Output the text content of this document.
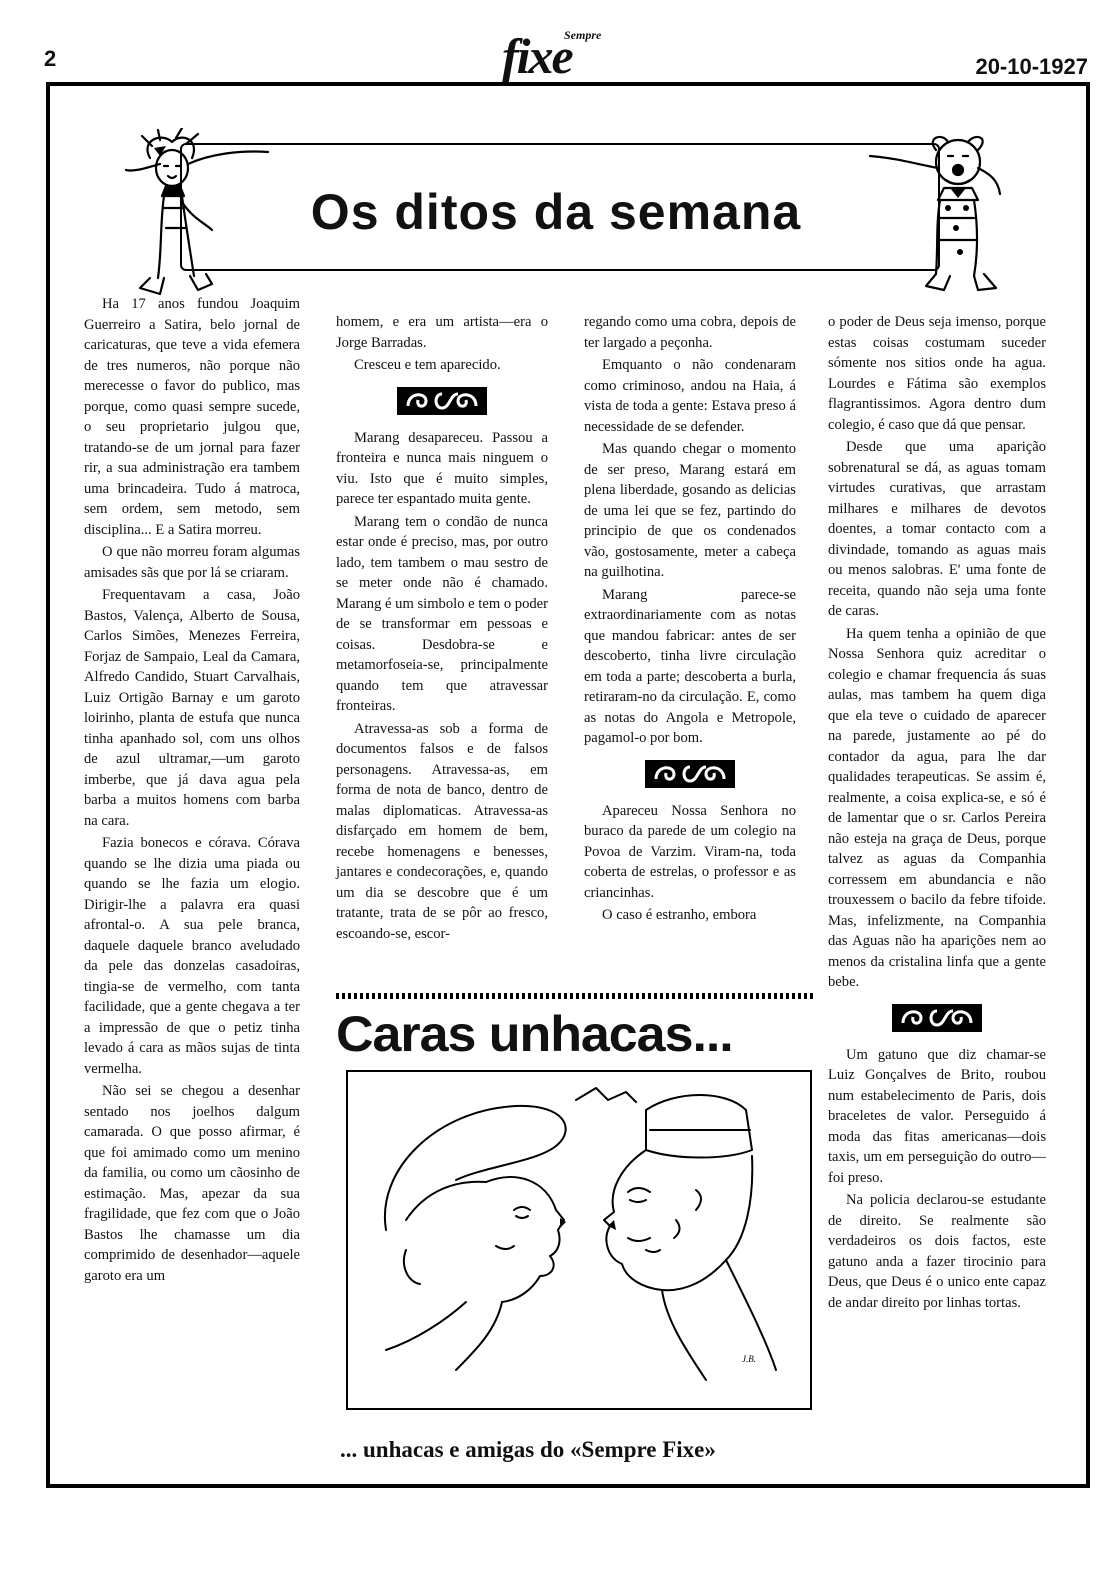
2
Sempre
fixe	20-10-1927
Os ditos da semana

Ha 17 anos fundou Joaquim Guerreiro a Satira, belo jornal de caricaturas, que teve a vida efemera de tres numeros, não porque não merecesse o favor do publico, mas porque, como quasi sempre sucede, o seu proprietario julgou que, tratando-se de um jornal para fazer rir, a sua administração era tambem uma brincadeira. Tudo á matroca, sem ordem, sem metodo, sem disciplina... E a Satira morreu.

O que não morreu foram algumas amisades sãs que por lá se criaram.

Frequentavam a casa, João Bastos, Valença, Alberto de Sousa, Carlos Simões, Menezes Ferreira, Forjaz de Sampaio, Leal da Camara, Alfredo Candido, Stuart Carvalhais, Luiz Ortigão Barnay e um garoto loirinho, planta de estufa que nunca tinha apanhado sol, com uns olhos de azul ultramar,—um garoto imberbe, que já dava agua pela barba a muitos homens com barba na cara.

Fazia bonecos e córava. Córava quando se lhe dizia uma piada ou quando se lhe fazia um elogio. Dirigir-lhe a palavra era quasi afrontal-o. A sua pele branca, daquele daquele branco aveludado da pele das donzelas casadoiras, tingia-se de vermelho, com tanta facilidade, que a gente chegava a ter a impressão de que o petiz tinha levado á cara as mãos sujas de tinta vermelha.

Não sei se chegou a desenhar sentado nos joelhos dalgum camarada. O que posso afirmar, é que foi amimado como um menino da familia, ou como um cãosinho de estimação. Mas, apezar da sua fragilidade, que fez com que o João Bastos lhe chamasse um dia comprimido de desenhador—aquele garoto era um

homem, e era um artista—era o Jorge Barradas.

Cresceu e tem aparecido.

Marang desapareceu. Passou a fronteira e nunca mais ninguem o viu. Isto que é muito simples, parece ter espantado muita gente.

Marang tem o condão de nunca estar onde é preciso, mas, por outro lado, tem tambem o mau sestro de se meter onde não é chamado. Marang é um simbolo e tem o poder de se transformar em pessoas e coisas. Desdobra-se e metamorfoseia-se, principalmente quando tem que atravessar fronteiras.

Atravessa-as sob a forma de documentos falsos e de falsos personagens. Atravessa-as, em forma de nota de banco, dentro de malas diplomaticas. Atravessa-as disfarçado em homem de bem, recebe homenagens e benesses, jantares e condecorações, e, quando um dia se descobre que é um tratante, trata de se pôr ao fresco, escoando-se, escor-

regando como uma cobra, depois de ter largado a peçonha.

Emquanto o não condenaram como criminoso, andou na Haia, á vista de toda a gente: Estava preso á necessidade de se defender.

Mas quando chegar o momento de ser preso, Marang estará em plena liberdade, gosando as delicias de uma lei que se fez, partindo do principio de que os condenados vão, gostosamente, meter a cabeça na guilhotina.

Marang parece-se extraordinariamente com as notas que mandou fabricar: antes de ser descoberto, tinha livre circulação em toda a parte; descoberta a burla, retiraram-no da circulação. E, como as notas do Angola e Metropole, pagamol-o por bom.

Apareceu Nossa Senhora no buraco da parede de um colegio na Povoa de Varzim. Viram-na, toda coberta de estrelas, o professor e as criancinhas.

O caso é estranho, embora

o poder de Deus seja imenso, porque estas coisas costumam suceder sómente nos sitios onde ha agua. Lourdes e Fátima são exemplos flagrantissimos. Agora dentro dum colegio, é caso que dá que pensar.

Desde que uma aparição sobrenatural se dá, as aguas tomam virtudes curativas, que arrastam milhares e milhares de devotos doentes, a tomar contacto com a divindade, tomando as aguas mais ou menos salobras. E' uma fonte de receita, quando não seja uma fonte de caras.

Ha quem tenha a opinião de que Nossa Senhora quiz acreditar o colegio e chamar frequencia ás suas aulas, mas tambem ha quem diga que ela teve o cuidado de aparecer na parede, justamente ao pé do contador da agua, para lhe dar qualidades terapeuticas. Se assim é, realmente, a coisa explica-se, e só é de lamentar que o sr. Carlos Pereira não esteja na graça de Deus, porque talvez as aguas da Companhia corressem em abundancia e não trouxessem o bacilo da febre tifoide. Mas, infelizmente, na Companhia das Aguas não ha aparições nem ao menos da cristalina linfa que a gente bebe.

Um gatuno que diz chamar-se Luiz Gonçalves de Brito, roubou num estabelecimento de Paris, dois braceletes de valor. Perseguido á moda das fitas americanas—dois taxis, um em perseguição do outro—foi preso.

Na policia declarou-se estudante de direito. Se realmente são verdadeiros os dois factos, este gatuno anda a fazer tirocinio para Deus, que Deus é o unico ente capaz de andar direito por linhas tortas.

Caras unhacas...
J.B.
... unhacas e amigas do «Sempre Fixe»
